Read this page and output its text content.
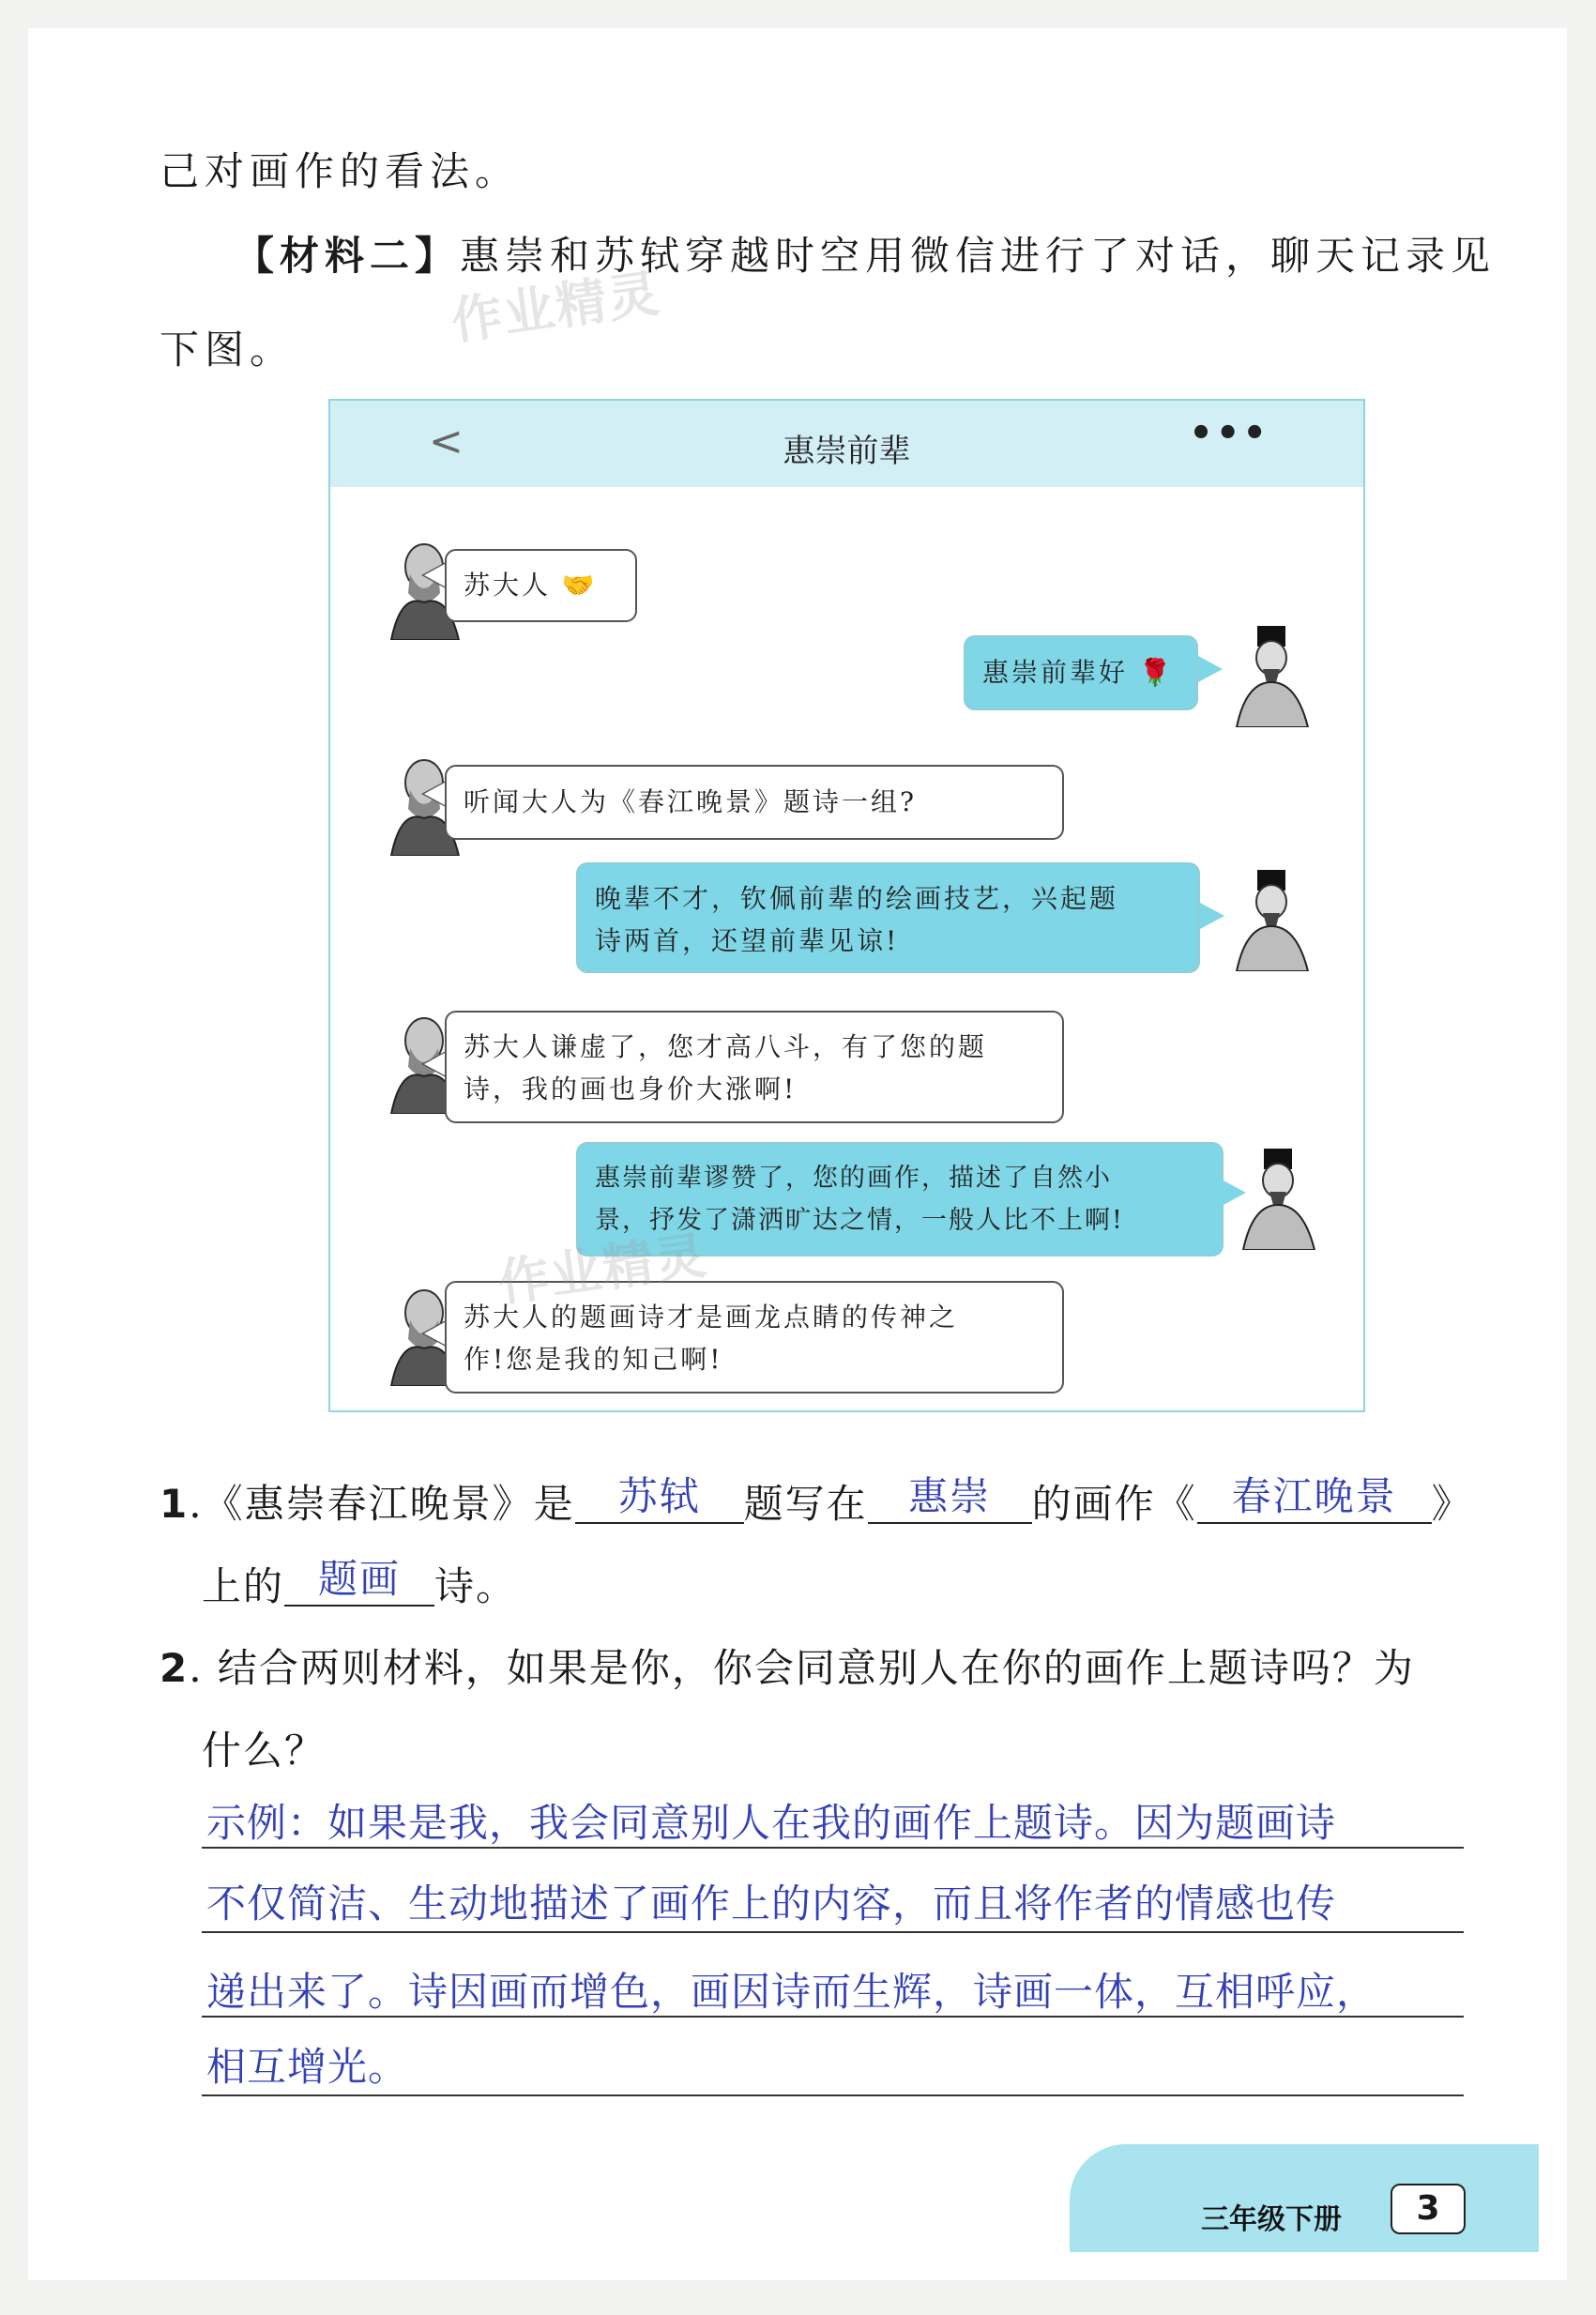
己对画作的看法。
【材料二】惠崇和苏轼穿越时空用微信进行了对话，聊天记录见
下图。	作业精灵
<	惠崇前辈	•••
苏大人 🤝
惠崇前辈好 🌹
听闻大人为《春江晚景》题诗一组?
晚辈不才，钦佩前辈的绘画技艺，兴起题
诗两首，还望前辈见谅!
苏大人谦虚了，您才高八斗，有了您的题
诗，我的画也身价大涨啊!
惠崇前辈谬赞了，您的画作，描述了自然小
景，抒发了潇洒旷达之情，一般人比不上啊!
苏大人的题画诗才是画龙点睛的传神之
作!您是我的知己啊!
作业精灵
1.《惠崇春江晚景》是 苏轼 题写在 惠崇 的画作《 春江晚景 》
上的 题画 诗。
2. 结合两则材料，如果是你，你会同意别人在你的画作上题诗吗？为
什么？
示例：如果是我，我会同意别人在我的画作上题诗。因为题画诗
不仅简洁、生动地描述了画作上的内容，而且将作者的情感也传
递出来了。诗因画而增色，画因诗而生辉，诗画一体，互相呼应，
相互增光。
三年级下册	3
